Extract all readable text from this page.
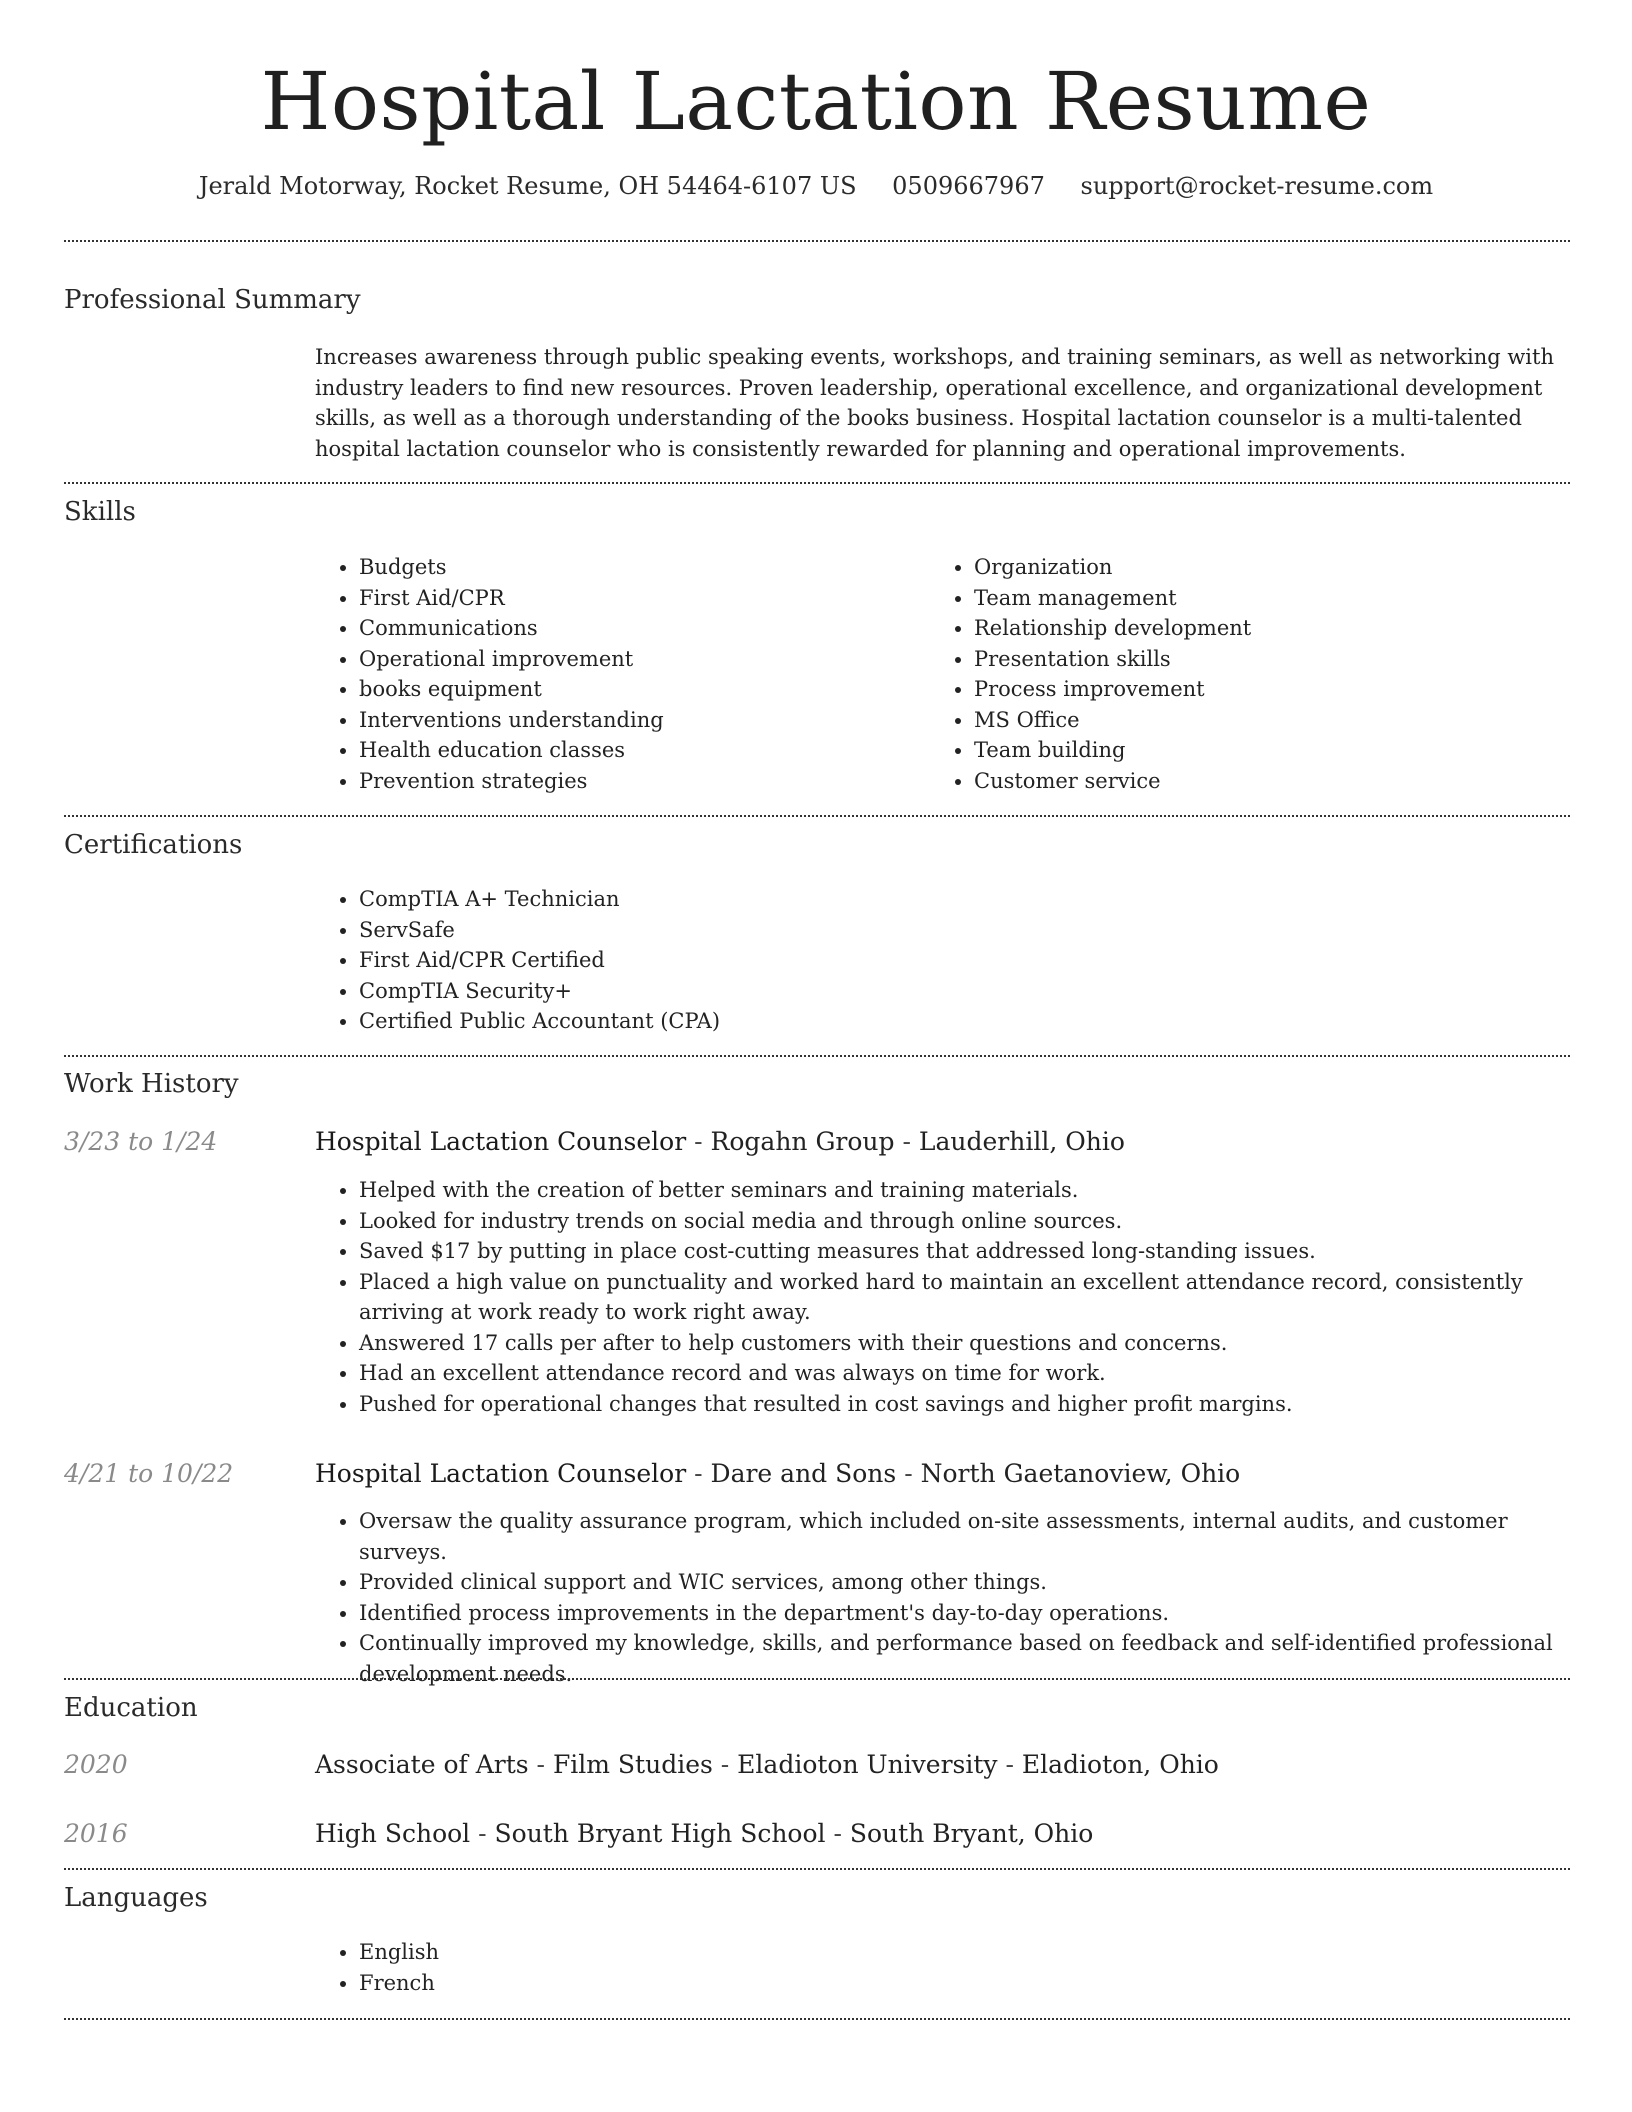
Hospital Lactation Resume
Jerald Motorway, Rocket Resume, OH 54464-6107 US 0509667967 support@rocket-resume.com
Professional Summary

Increases awareness through public speaking events, workshops, and training seminars, as well as networking with industry leaders to find new resources. Proven leadership, operational excellence, and organizational development skills, as well as a thorough understanding of the books business. Hospital lactation counselor is a multi-talented hospital lactation counselor who is consistently rewarded for planning and operational improvements.

Skills
• Budgets
• First Aid/CPR
• Communications
• Operational improvement
• books equipment
• Interventions understanding
• Health education classes
• Prevention strategies
• Organization
• Team management
• Relationship development
• Presentation skills
• Process improvement
• MS Office
• Team building
• Customer service
Certifications
• CompTIA A+ Technician
• ServSafe
• First Aid/CPR Certified
• CompTIA Security+
• Certified Public Accountant (CPA)
Work History
3/23 to 1/24	Hospital Lactation Counselor - Rogahn Group - Lauderhill, Ohio
• Helped with the creation of better seminars and training materials.
• Looked for industry trends on social media and through online sources.
• Saved $17 by putting in place cost-cutting measures that addressed long-standing issues.
• Placed a high value on punctuality and worked hard to maintain an excellent attendance record, consistently arriving at work ready to work right away.
• Answered 17 calls per after to help customers with their questions and concerns.
• Had an excellent attendance record and was always on time for work.
• Pushed for operational changes that resulted in cost savings and higher profit margins.
4/21 to 10/22	Hospital Lactation Counselor - Dare and Sons - North Gaetanoview, Ohio
• Oversaw the quality assurance program, which included on-site assessments, internal audits, and customer surveys.
• Provided clinical support and WIC services, among other things.
• Identified process improvements in the department's day-to-day operations.
• Continually improved my knowledge, skills, and performance based on feedback and self-identified professional development needs.
Education
2020	Associate of Arts - Film Studies - Eladioton University - Eladioton, Ohio
2016	High School - South Bryant High School - South Bryant, Ohio
Languages
• English
• French
